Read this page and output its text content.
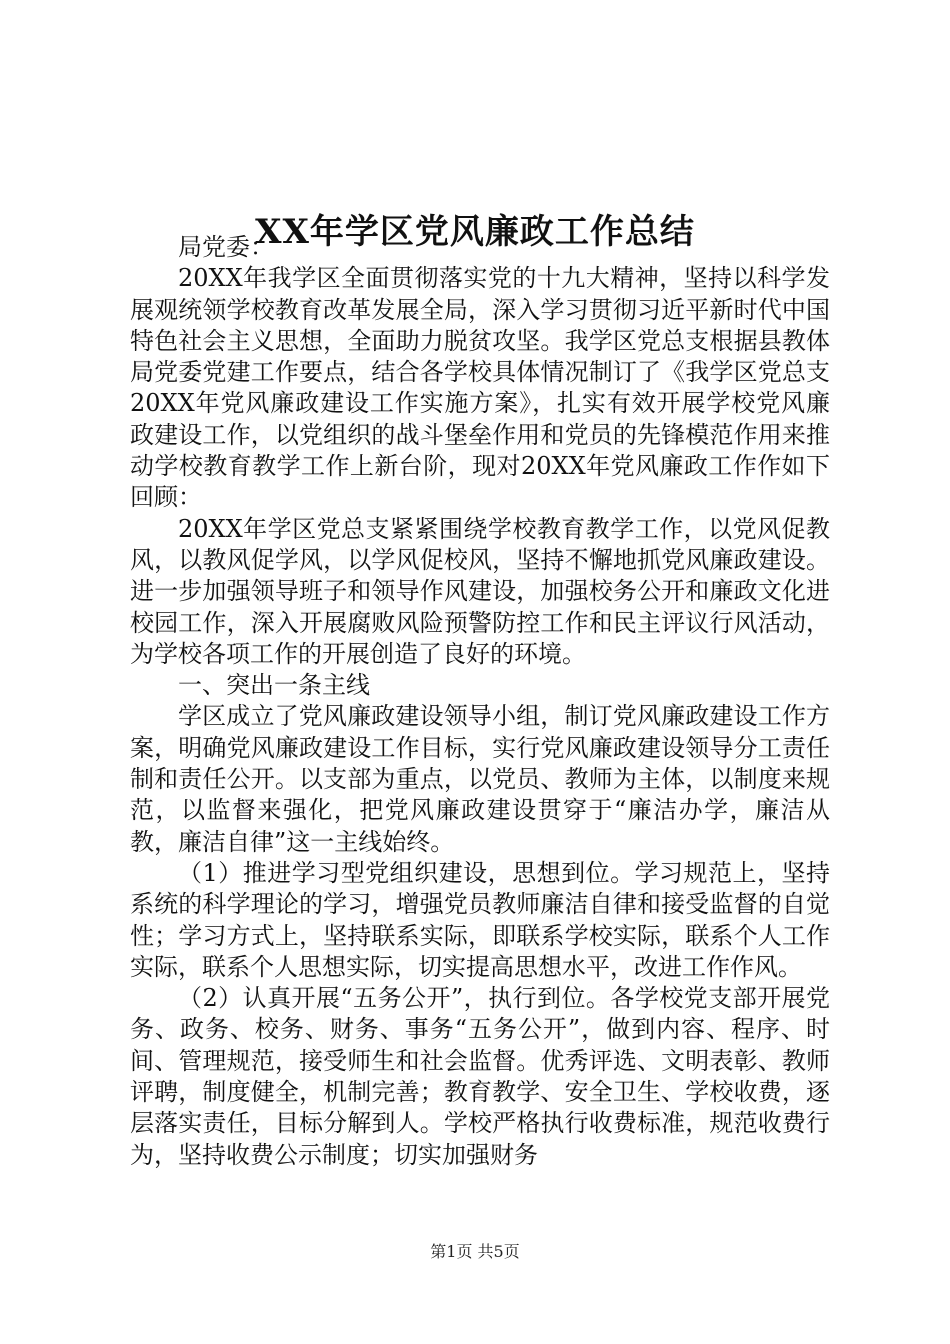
XX年学区党风廉政工作总结

局党委：

20XX年我学区全面贯彻落实党的十九大精神，坚持以科学发展观统领学校教育改革发展全局，深入学习贯彻习近平新时代中国特色社会主义思想，全面助力脱贫攻坚。我学区党总支根据县教体局党委党建工作要点，结合各学校具体情况制订了《我学区党总支20XX年党风廉政建设工作实施方案》，扎实有效开展学校党风廉政建设工作，以党组织的战斗堡垒作用和党员的先锋模范作用来推动学校教育教学工作上新台阶，现对20XX年党风廉政工作作如下回顾：

20XX年学区党总支紧紧围绕学校教育教学工作，以党风促教风，以教风促学风，以学风促校风，坚持不懈地抓党风廉政建设。进一步加强领导班子和领导作风建设，加强校务公开和廉政文化进校园工作，深入开展腐败风险预警防控工作和民主评议行风活动，为学校各项工作的开展创造了良好的环境。

一、突出一条主线

学区成立了党风廉政建设领导小组，制订党风廉政建设工作方案，明确党风廉政建设工作目标，实行党风廉政建设领导分工责任制和责任公开。以支部为重点，以党员、教师为主体，以制度来规范，以监督来强化，把党风廉政建设贯穿于“廉洁办学，廉洁从教，廉洁自律”这一主线始终。

（1）推进学习型党组织建设，思想到位。学习规范上，坚持系统的科学理论的学习，增强党员教师廉洁自律和接受监督的自觉性；学习方式上，坚持联系实际，即联系学校实际，联系个人工作实际，联系个人思想实际，切实提高思想水平，改进工作作风。

（2）认真开展“五务公开”，执行到位。各学校党支部开展党务、政务、校务、财务、事务“五务公开”，做到内容、程序、时间、管理规范，接受师生和社会监督。优秀评选、文明表彰、教师评聘，制度健全，机制完善；教育教学、安全卫生、学校收费，逐层落实责任，目标分解到人。学校严格执行收费标准，规范收费行为，坚持收费公示制度；切实加强财务

第1页 共5页
